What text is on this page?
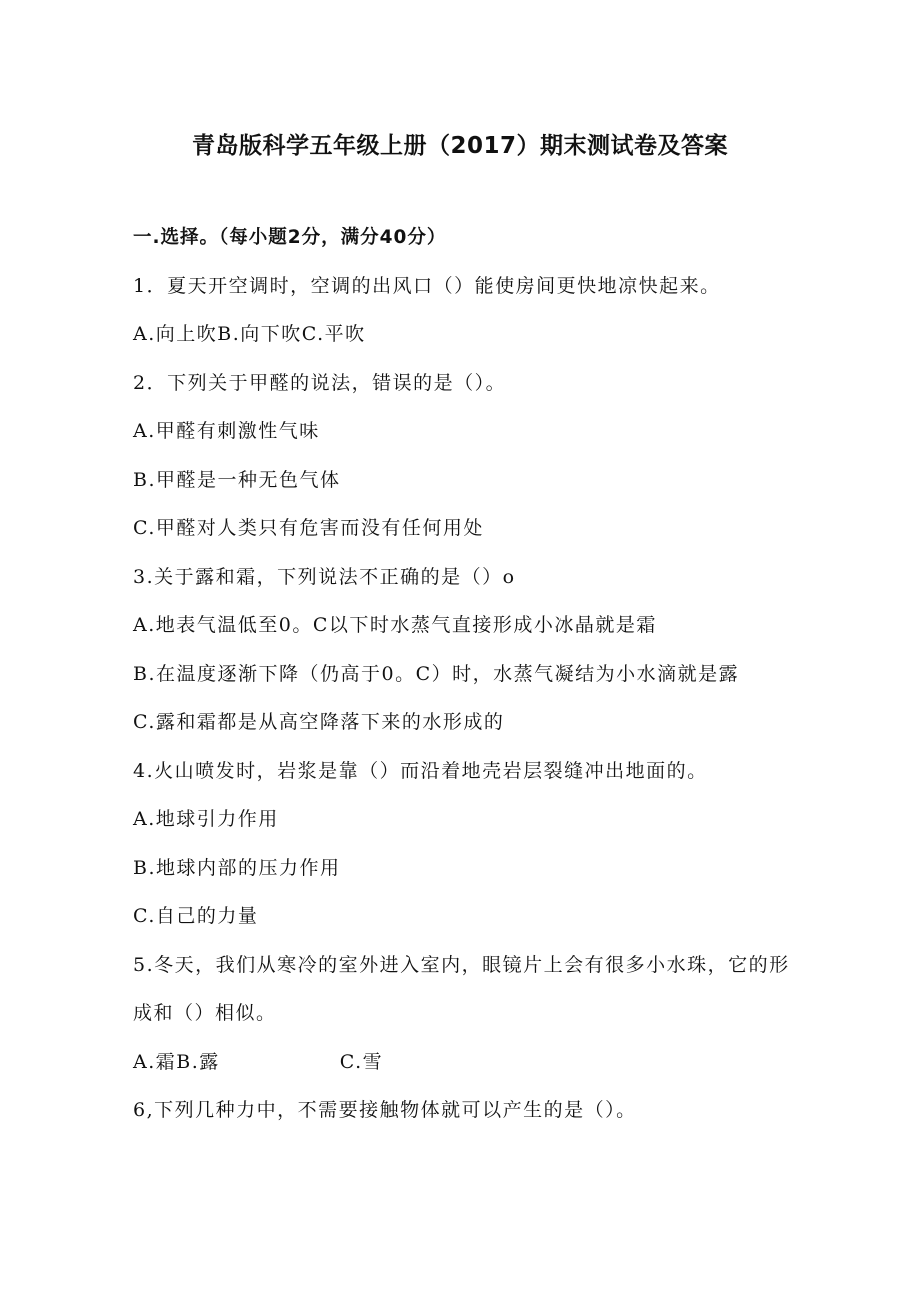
青岛版科学五年级上册（2017）期末测试卷及答案
一.选择。（每小题2分，满分40分）
1．夏天开空调时，空调的出风口（）能使房间更快地凉快起来。
A.向上吹B.向下吹C.平吹
2．下列关于甲醛的说法，错误的是（）。
A.甲醛有刺激性气味
B.甲醛是一种无色气体
C.甲醛对人类只有危害而没有任何用处
3.关于露和霜，下列说法不正确的是（）o
A.地表气温低至0。C以下时水蒸气直接形成小冰晶就是霜
B.在温度逐渐下降（仍高于0。C）时，水蒸气凝结为小水滴就是露
C.露和霜都是从高空降落下来的水形成的
4.火山喷发时，岩浆是靠（）而沿着地壳岩层裂缝冲出地面的。
A.地球引力作用
B.地球内部的压力作用
C.自己的力量
5.冬天，我们从寒冷的室外进入室内，眼镜片上会有很多小水珠，它的形
成和（）相似。
A.霜B.露	C.雪
6,下列几种力中，不需要接触物体就可以产生的是（）。
